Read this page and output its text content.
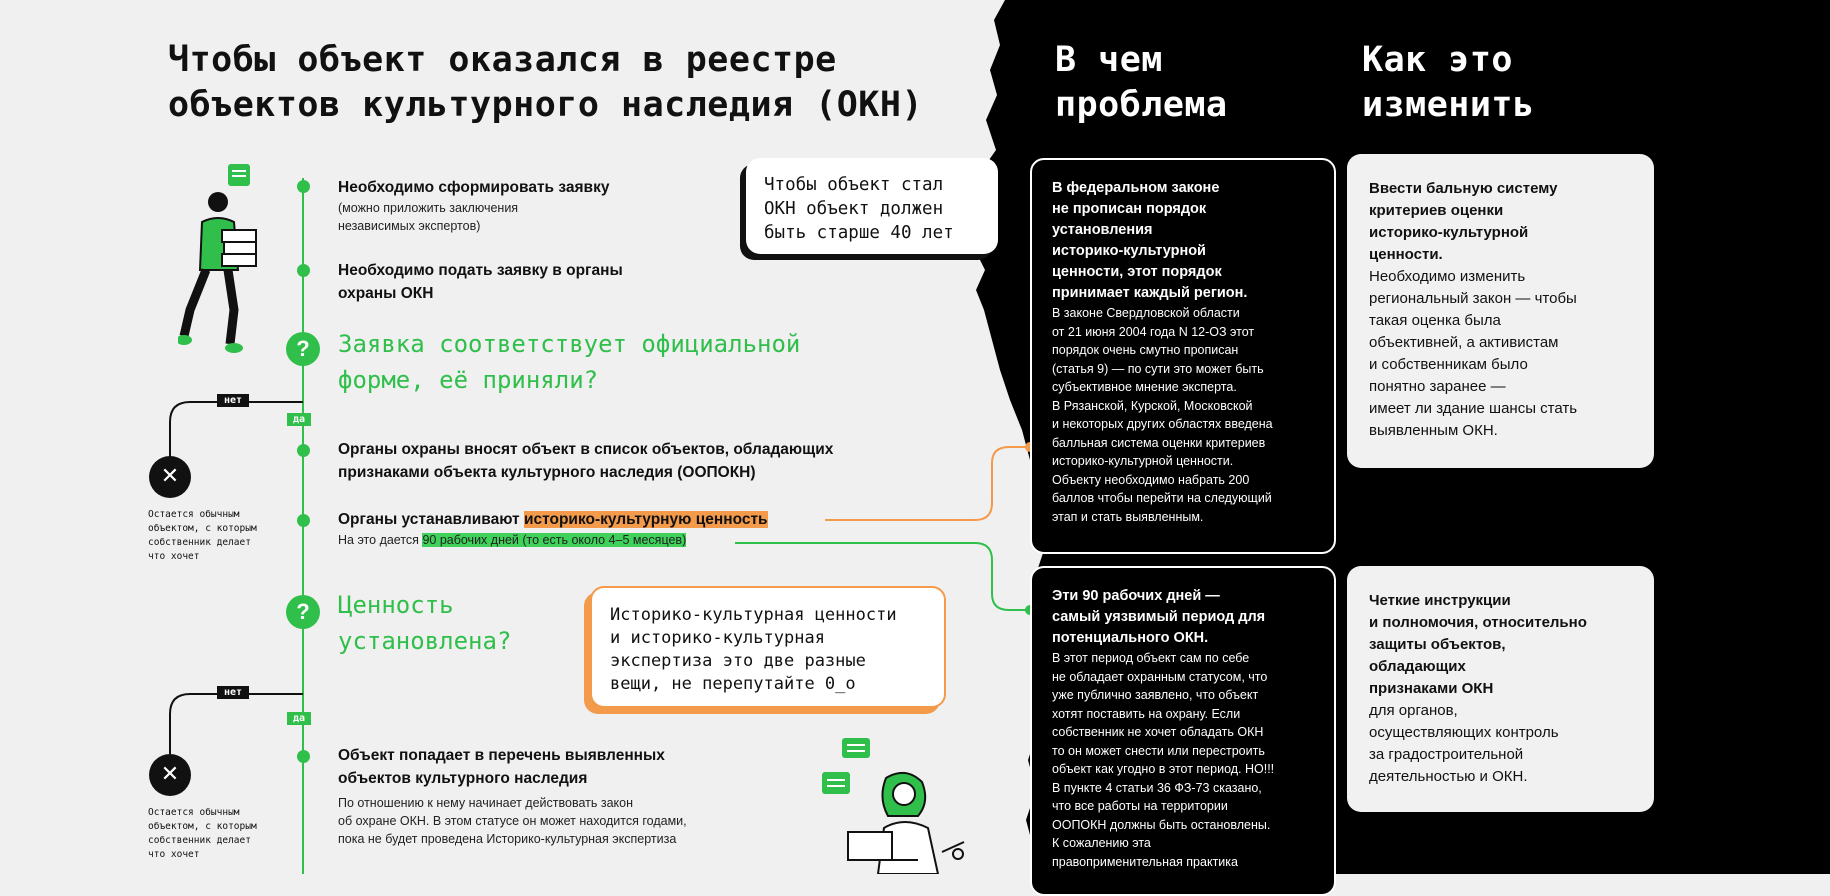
Чтобы объект оказался в реестре
объектов культурного наследия (ОКН)
В чем
проблема
Как это
изменить
Необходимо сформировать заявку
(можно приложить заключения
независимых экспертов)
Необходимо подать заявку в органы
охраны ОКН
?	Заявка соответствует официальной
форме, её приняли?
нет
да
✕
Остается обычным
объектом, с которым
собственник делает
что хочет
Органы охраны вносят объект в список объектов, обладающих
признаками объекта культурного наследия (ООПОКН)
Органы устанавливают историко-культурную ценность
На это дается 90 рабочих дней (то есть около 4–5 месяцев)
?	Ценность
установлена?
нет
да
✕
Остается обычным
объектом, с которым
собственник делает
что хочет
Объект попадает в перечень выявленных
объектов культурного наследия
По отношению к нему начинает действовать закон
об охране ОКН. В этом статусе он может находится годами,
пока не будет проведена Историко-культурная экспертиза
Чтобы объект стал
ОКН объект должен
быть старше 40 лет
Историко-культурная ценности
и историко-культурная
экспертиза это две разные
вещи, не перепутайте 0_о
В федеральном законе
не прописан порядок
установления
историко-культурной
ценности, этот порядок
принимает каждый регион.
В законе Свердловской области
от 21 июня 2004 года N 12-ОЗ этот
порядок очень смутно прописан
(статья 9) — по сути это может быть
субъективное мнение эксперта.
В Рязанской, Курской, Московской
и некоторых других областях введена
балльная система оценки критериев
историко-культурной ценности.
Объекту необходимо набрать 200
баллов чтобы перейти на следующий
этап и стать выявленным.
Эти 90 рабочих дней —
самый уязвимый период для
потенциального ОКН.
В этот период объект сам по себе
не обладает охранным статусом, что
уже публично заявлено, что объект
хотят поставить на охрану. Если
собственник не хочет обладать ОКН
то он может снести или перестроить
объект как угодно в этот период. НО!!!
В пункте 4 статьи 36 ФЗ-73 сказано,
что все работы на территории
ООПОКН должны быть остановлены.
К сожалению эта
правоприменительная практика
Ввести бальную систему
критериев оценки
историко-культурной
ценности.
Необходимо изменить
региональный закон — чтобы
такая оценка была
объективней, а активистам
и собственникам было
понятно заранее —
имеет ли здание шансы стать
выявленным ОКН.
Четкие инструкции
и полномочия, относительно
защиты объектов,
обладающих
признаками ОКН
для органов,
осуществляющих контроль
за градостроительной
деятельностью и ОКН.
